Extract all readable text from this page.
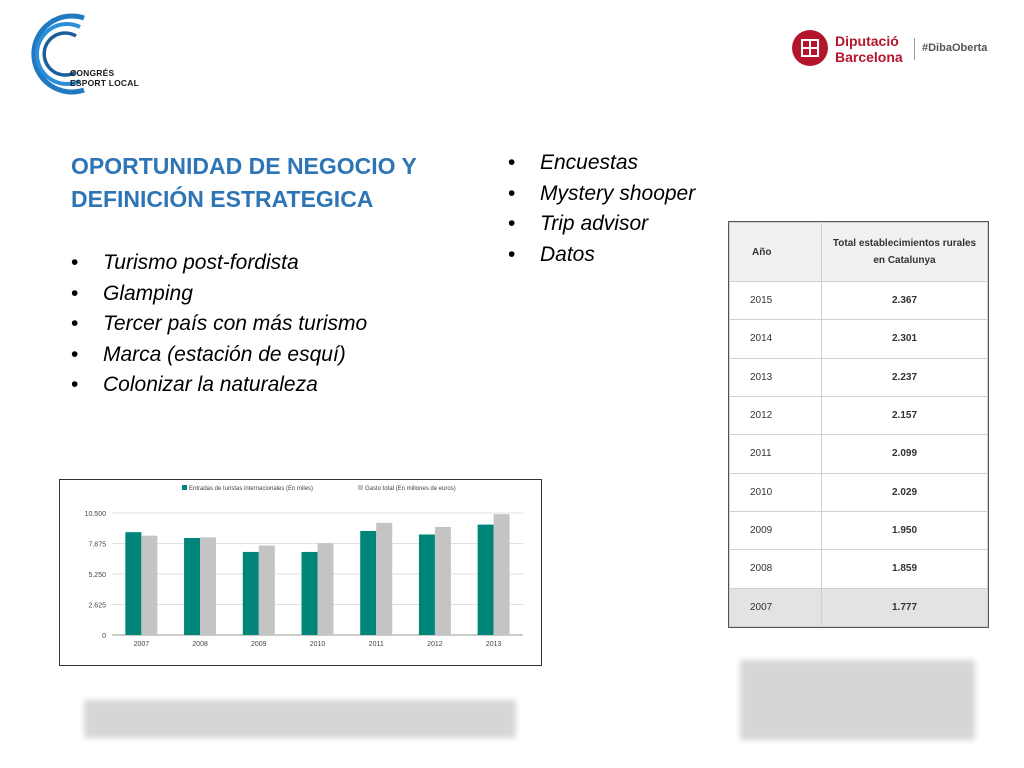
CONGRÉS
ESPORT LOCAL
Diputació
Barcelona
#DibaOberta
OPORTUNIDAD DE NEGOCIO Y
DEFINICIÓN ESTRATEGICA
• Turismo post-fordista
• Glamping
• Tercer país con más turismo
• Marca (estación de esquí)
• Colonizar la naturaleza
• Encuestas
• Mystery shooper
• Trip advisor
• Datos
0
2.625
5.250
7.875
10.500
2007	2008	2009	2010	2011	2012	2013
Entradas de turistas internacionales (En miles)	Gasto total (En millones de euros)
Año	Total establecimientos rurales
en Catalunya

2015	2.367
2014	2.301
2013	2.237
2012	2.157
2011	2.099
2010	2.029
2009	1.950
2008	1.859
2007	1.777
